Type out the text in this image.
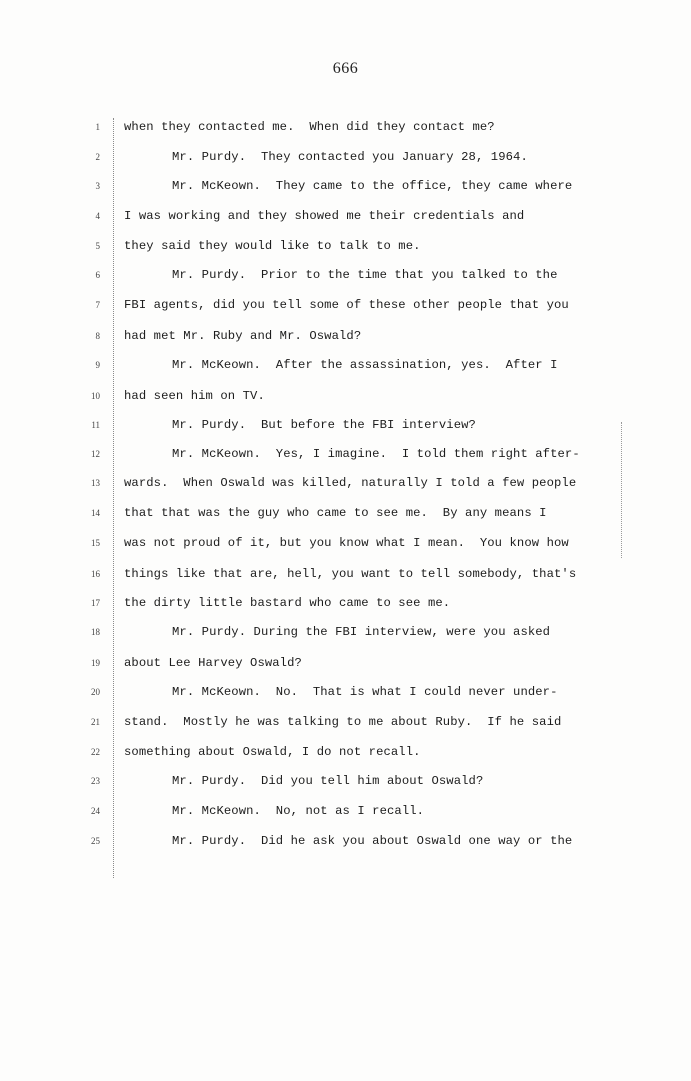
666
1 when they contacted me.  When did they contact me?
2	Mr. Purdy.  They contacted you January 28, 1964.
3	Mr. McKeown.  They came to the office, they came where
4 I was working and they showed me their credentials and
5 they said they would like to talk to me.
6	Mr. Purdy.  Prior to the time that you talked to the
7 FBI agents, did you tell some of these other people that you
8 had met Mr. Ruby and Mr. Oswald?
9	Mr. McKeown.  After the assassination, yes.  After I
10 had seen him on TV.
11	Mr. Purdy.  But before the FBI interview?
12	Mr. McKeown.  Yes, I imagine.  I told them right after-
13 wards.  When Oswald was killed, naturally I told a few people
14 that that was the guy who came to see me.  By any means I
15 was not proud of it, but you know what I mean.  You know how
16 things like that are, hell, you want to tell somebody, that's
17 the dirty little bastard who came to see me.
18	Mr. Purdy. During the FBI interview, were you asked
19 about Lee Harvey Oswald?
20	Mr. McKeown.  No.  That is what I could never under-
21 stand.  Mostly he was talking to me about Ruby.  If he said
22 something about Oswald, I do not recall.
23	Mr. Purdy.  Did you tell him about Oswald?
24	Mr. McKeown.  No, not as I recall.
25	Mr. Purdy.  Did he ask you about Oswald one way or the
